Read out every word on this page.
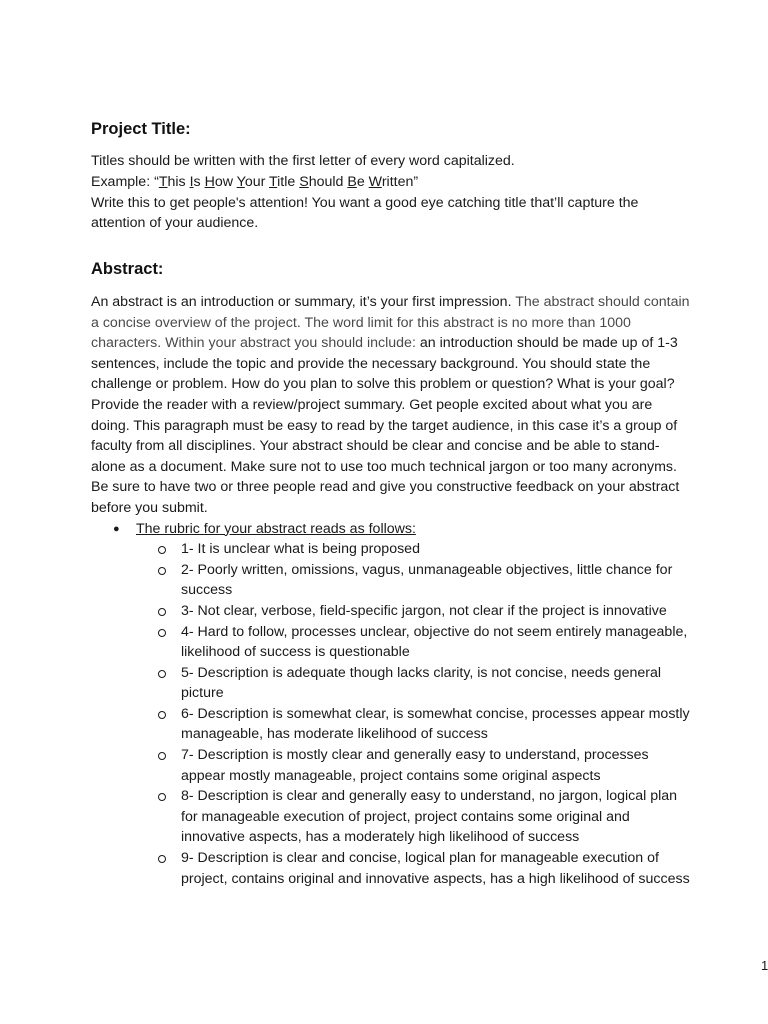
Project Title:

Titles should be written with the first letter of every word capitalized.

Example: “This Is How Your Title Should Be Written”

Write this to get people's attention! You want a good eye catching title that’ll capture the attention of your audience.

Abstract:
An abstract is an introduction or summary, it’s your first impression. The abstract should contain a concise overview of the project. The word limit for this abstract is no more than 1000 characters. Within your abstract you should include: an introduction should be made up of 1-3 sentences, include the topic and provide the necessary background. You should state the challenge or problem. How do you plan to solve this problem or question? What is your goal? Provide the reader with a review/project summary. Get people excited about what you are doing. This paragraph must be easy to read by the target audience, in this case it’s a group of faculty from all disciplines. Your abstract should be clear and concise and be able to stand-alone as a document. Make sure not to use too much technical jargon or too many acronyms. Be sure to have two or three people read and give you constructive feedback on your abstract before you submit.
● The rubric for your abstract reads as follows:
1- It is unclear what is being proposed
2- Poorly written, omissions, vagus, unmanageable objectives, little chance for success
3- Not clear, verbose, field-specific jargon, not clear if the project is innovative
4- Hard to follow, processes unclear, objective do not seem entirely manageable, likelihood of success is questionable
5- Description is adequate though lacks clarity, is not concise, needs general picture
6- Description is somewhat clear, is somewhat concise, processes appear mostly manageable, has moderate likelihood of success
7- Description is mostly clear and generally easy to understand, processes appear mostly manageable, project contains some original aspects
8- Description is clear and generally easy to understand, no jargon, logical plan for manageable execution of project, project contains some original and innovative aspects, has a moderately high likelihood of success
9- Description is clear and concise, logical plan for manageable execution of project, contains original and innovative aspects, has a high likelihood of success
1
